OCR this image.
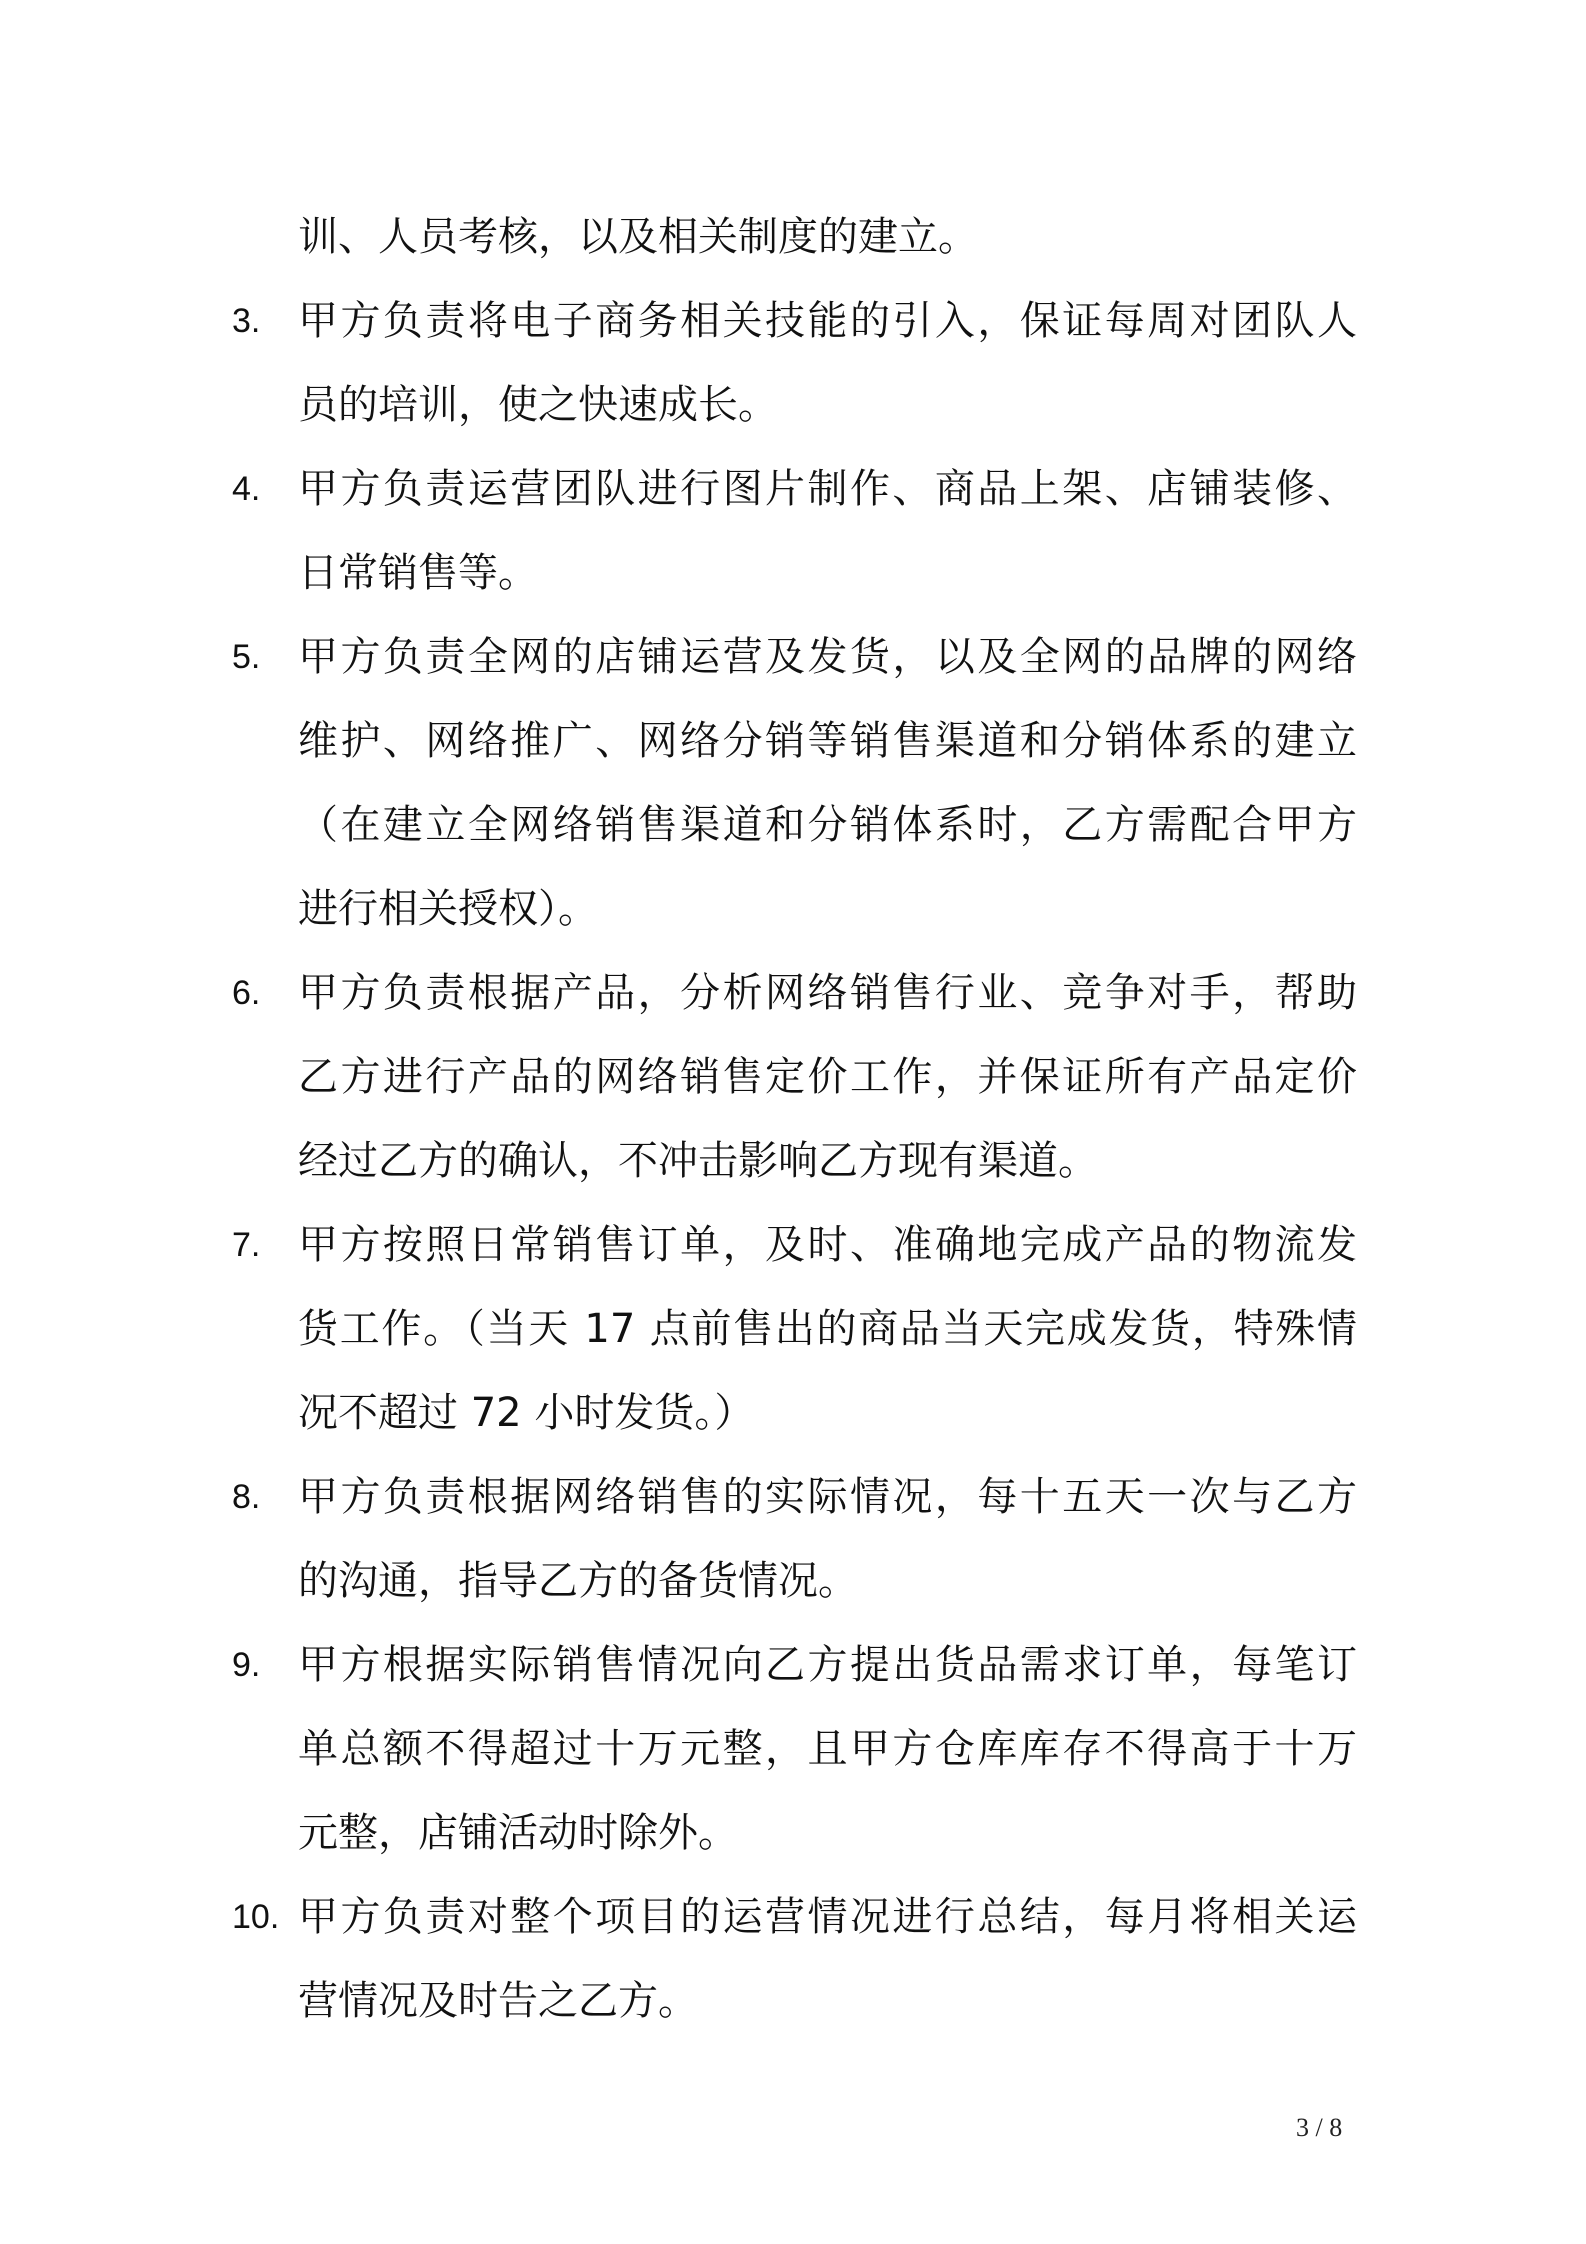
训、人员考核，以及相关制度的建立。
3. 甲方负责将电子商务相关技能的引入，保证每周对团队人
员的培训，使之快速成长。
4. 甲方负责运营团队进行图片制作、商品上架、店铺装修、
日常销售等。
5. 甲方负责全网的店铺运营及发货，以及全网的品牌的网络
维护、网络推广、网络分销等销售渠道和分销体系的建立
（在建立全网络销售渠道和分销体系时，乙方需配合甲方
进行相关授权）。
6. 甲方负责根据产品，分析网络销售行业、竞争对手，帮助
乙方进行产品的网络销售定价工作，并保证所有产品定价
经过乙方的确认，不冲击影响乙方现有渠道。
7. 甲方按照日常销售订单，及时、准确地完成产品的物流发
货工作。（当天 17 点前售出的商品当天完成发货，特殊情
况不超过 72 小时发货。）
8. 甲方负责根据网络销售的实际情况，每十五天一次与乙方
的沟通，指导乙方的备货情况。
9. 甲方根据实际销售情况向乙方提出货品需求订单，每笔订
单总额不得超过十万元整，且甲方仓库库存不得高于十万
元整，店铺活动时除外。
10. 甲方负责对整个项目的运营情况进行总结，每月将相关运
营情况及时告之乙方。
3 / 8
